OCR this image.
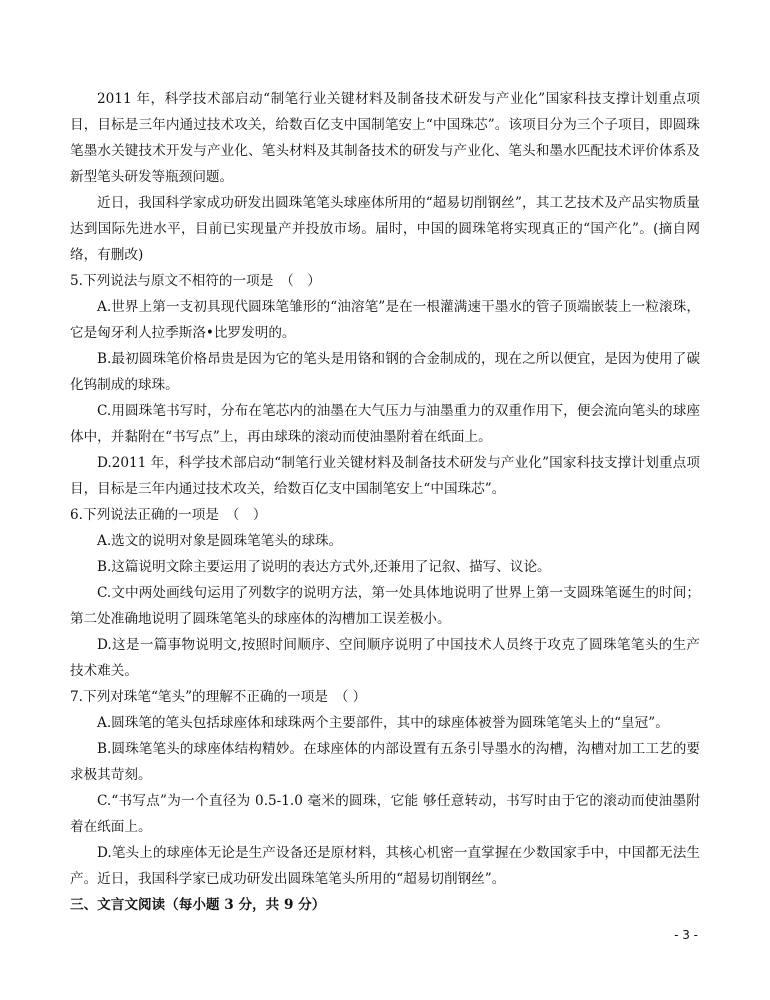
2011 年，科学技术部启动“制笔行业关键材料及制备技术研发与产业化”国家科技支撑计划重点项目，目标是三年内通过技术攻关，给数百亿支中国制笔安上“中国珠芯”。该项目分为三个子项目，即圆珠笔墨水关键技术开发与产业化、笔头材料及其制备技术的研发与产业化、笔头和墨水匹配技术评价体系及新型笔头研发等瓶颈问题。

近日，我国科学家成功研发出圆珠笔笔头球座体所用的“超易切削钢丝”，其工艺技术及产品实物质量达到国际先进水平，目前已实现量产并投放市场。届时，中国的圆珠笔将实现真正的“国产化”。(摘自网络，有删改)

5.下列说法与原文不相符的一项是　（　）

A.世界上第一支初具现代圆珠笔雏形的“油溶笔”是在一根灌满速干墨水的管子顶端嵌装上一粒滚珠，它是匈牙利人拉季斯洛•比罗发明的。

B.最初圆珠笔价格昂贵是因为它的笔头是用铬和钢的合金制成的，现在之所以便宜，是因为使用了碳化钨制成的球珠。

C.用圆珠笔书写时，分布在笔芯内的油墨在大气压力与油墨重力的双重作用下，便会流向笔头的球座体中，并黏附在“书写点”上，再由球珠的滚动而使油墨附着在纸面上。

D.2011 年，科学技术部启动“制笔行业关键材料及制备技术研发与产业化”国家科技支撑计划重点项目，目标是三年内通过技术攻关，给数百亿支中国制笔安上“中国珠芯”。

6.下列说法正确的一项是　（　）

A.选文的说明对象是圆珠笔笔头的球珠。

B.这篇说明文除主要运用了说明的表达方式外,还兼用了记叙、描写、议论。

C.文中两处画线句运用了列数字的说明方法，第一处具体地说明了世界上第一支圆珠笔诞生的时间；第二处准确地说明了圆珠笔笔头的球座体的沟槽加工误差极小。

D.这是一篇事物说明文,按照时间顺序、空间顺序说明了中国技术人员终于攻克了圆珠笔笔头的生产技术难关。

7.下列对珠笔“笔头”的理解不正确的一项是　（ ）

A.圆珠笔的笔头包括球座体和球珠两个主要部件，其中的球座体被誉为圆珠笔笔头上的“皇冠”。

B.圆珠笔笔头的球座体结构精妙。在球座体的内部设置有五条引导墨水的沟槽，沟槽对加工工艺的要求极其苛刻。

C.“书写点”为一个直径为 0.5-1.0 毫米的圆珠，它能 够任意转动，书写时由于它的滚动而使油墨附着在纸面上。

D.笔头上的球座体无论是生产设备还是原材料，其核心机密一直掌握在少数国家手中，中国都无法生产。近日，我国科学家已成功研发出圆珠笔笔头所用的“超易切削钢丝”。

三、文言文阅读（每小题 3 分，共 9 分）

- 3 -
